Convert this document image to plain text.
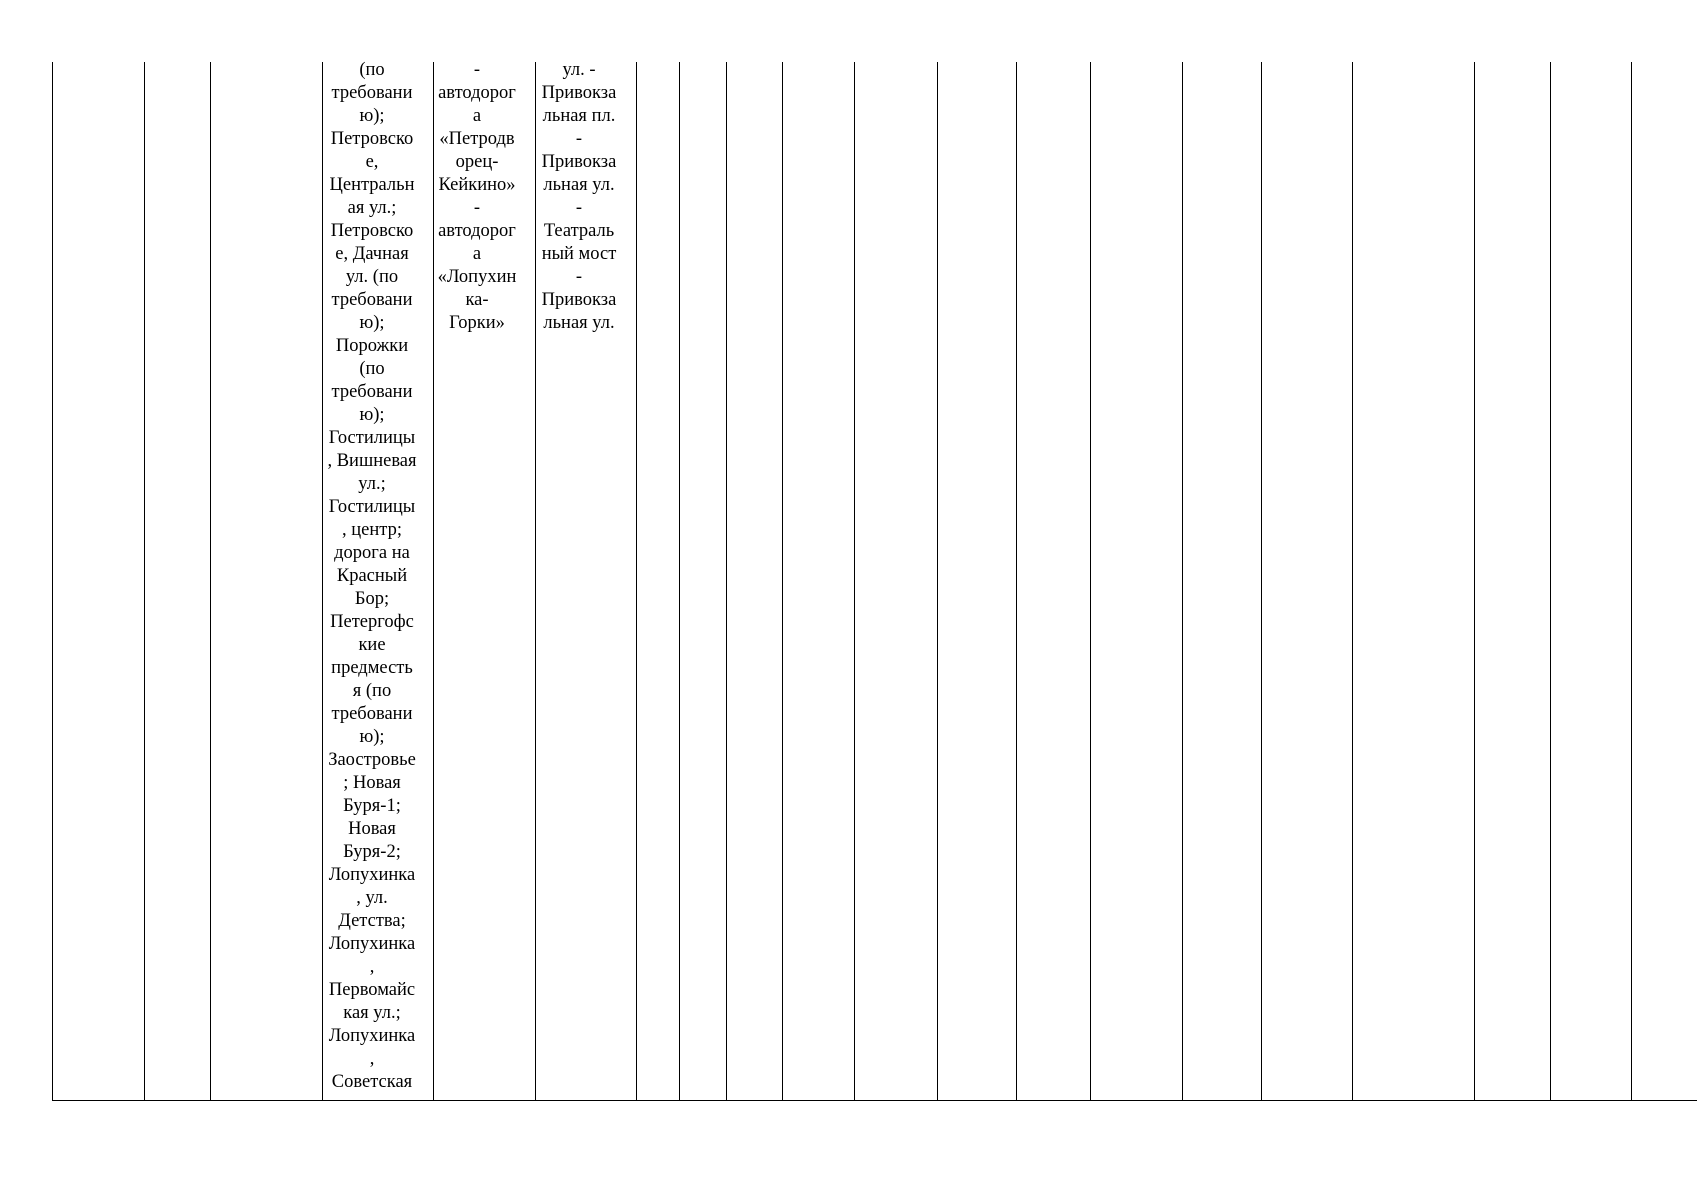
(по
требовани
ю);
Петровско
е,
Центральн
ая ул.;
Петровско
е, Дачная
ул. (по
требовани
ю);
Порожки
(по
требовани
ю);
Гостилицы
, Вишневая
ул.;
Гостилицы
, центр;
дорога на
Красный
Бор;
Петергофс
кие
предместь
я (по
требовани
ю);
Заостровье
; Новая
Буря-1;
Новая
Буря-2;
Лопухинка
, ул.
Детства;
Лопухинка
,
Первомайс
кая ул.;
Лопухинка
,
Советская

-
автодорог
а
«Петродв
орец-
Кейкино»
-
автодорог
а
«Лопухин
ка-
Горки»

ул. -
Привокза
льная пл.
-
Привокза
льная ул.
-
Театраль
ный мост
-
Привокза
льная ул.
